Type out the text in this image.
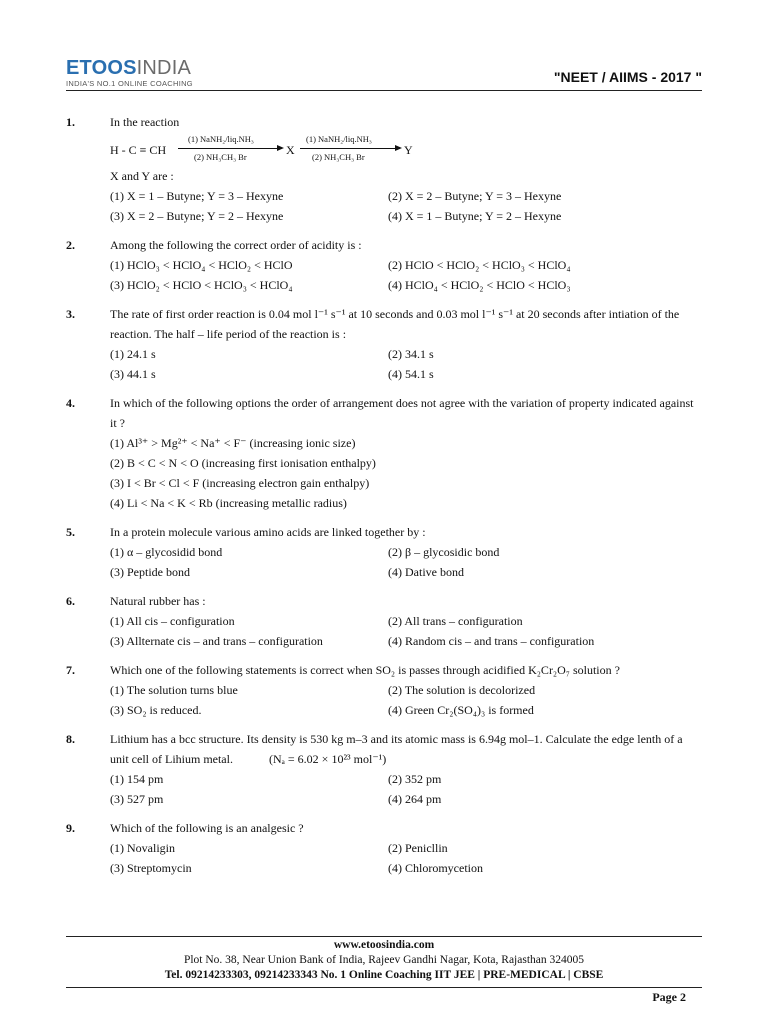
ETOOSINDIA
INDIA'S NO.1 ONLINE COACHING	"NEET / AIIMS - 2017 "
1.	In the reaction

H - C ≡ CH
(1) NaNH₂/liq.NH₃
(2) NH₃CH₃ Br	X
(1) NaNH₂/liq.NH₃
(2) NH₃CH₃ Br	Y

X and Y are :

(1) X = 1 – Butyne; Y = 3 – Hexyne	(2) X = 2 – Butyne; Y = 3 – Hexyne
(3) X = 2 – Butyne; Y = 2 – Hexyne	(4) X = 1 – Butyne; Y = 2 – Hexyne
2.	Among the following the correct order of acidity is :

(1) HClO₃ < HClO₄ < HClO₂ < HClO	(2) HClO < HClO₂ < HClO₃ < HClO₄
(3) HClO₂ < HClO < HClO₃ < HClO₄	(4) HClO₄ < HClO₂ < HClO < HClO₃
3.	The rate of first order reaction is 0.04 mol l⁻¹ s⁻¹ at 10 seconds and 0.03 mol l⁻¹ s⁻¹ at 20 seconds after intiation of the reaction. The half – life period of the reaction is :

(1) 24.1 s	(2) 34.1 s
(3) 44.1 s	(4) 54.1 s
4.	In which of the following options the order of arrangement does not agree with the variation of property indicated against it ?

(1) Al³⁺ > Mg²⁺ < Na⁺ < F⁻ (increasing ionic size)
(2) B < C < N < O (increasing first ionisation enthalpy)
(3) I < Br < Cl < F (increasing electron gain enthalpy)
(4) Li < Na < K < Rb (increasing metallic radius)
5.	In a protein molecule various amino acids are linked together by :

(1) α – glycosidid bond	(2) β – glycosidic bond
(3) Peptide bond	(4) Dative bond
6.	Natural rubber has :

(1) All cis – configuration	(2) All trans – configuration
(3) Allternate cis – and trans – configuration	(4) Random cis – and trans – configuration
7.	Which one of the following statements is correct when SO₂ is passes through acidified K₂Cr₂O₇ solution ?

(1) The solution turns blue	(2) The solution is decolorized
(3) SO₂ is reduced.	(4) Green Cr₂(SO₄)₃ is formed
8.	Lithium has a bcc structure. Its density is 530 kg m–3 and its atomic mass is 6.94g mol–1. Calculate the edge lenth of a unit cell of Lihium metal.            (Nₐ = 6.02 × 10²³ mol⁻¹)

(1) 154 pm	(2) 352 pm
(3) 527 pm	(4) 264 pm
9.	Which of the following is an analgesic ?

(1) Novaligin	(2) Penicllin
(3) Streptomycin	(4) Chloromycetion
www.etoosindia.com
Plot No. 38, Near Union Bank of India, Rajeev Gandhi Nagar, Kota, Rajasthan 324005
Tel. 09214233303, 09214233343 No. 1 Online Coaching IIT JEE | PRE-MEDICAL | CBSE
Page 2
